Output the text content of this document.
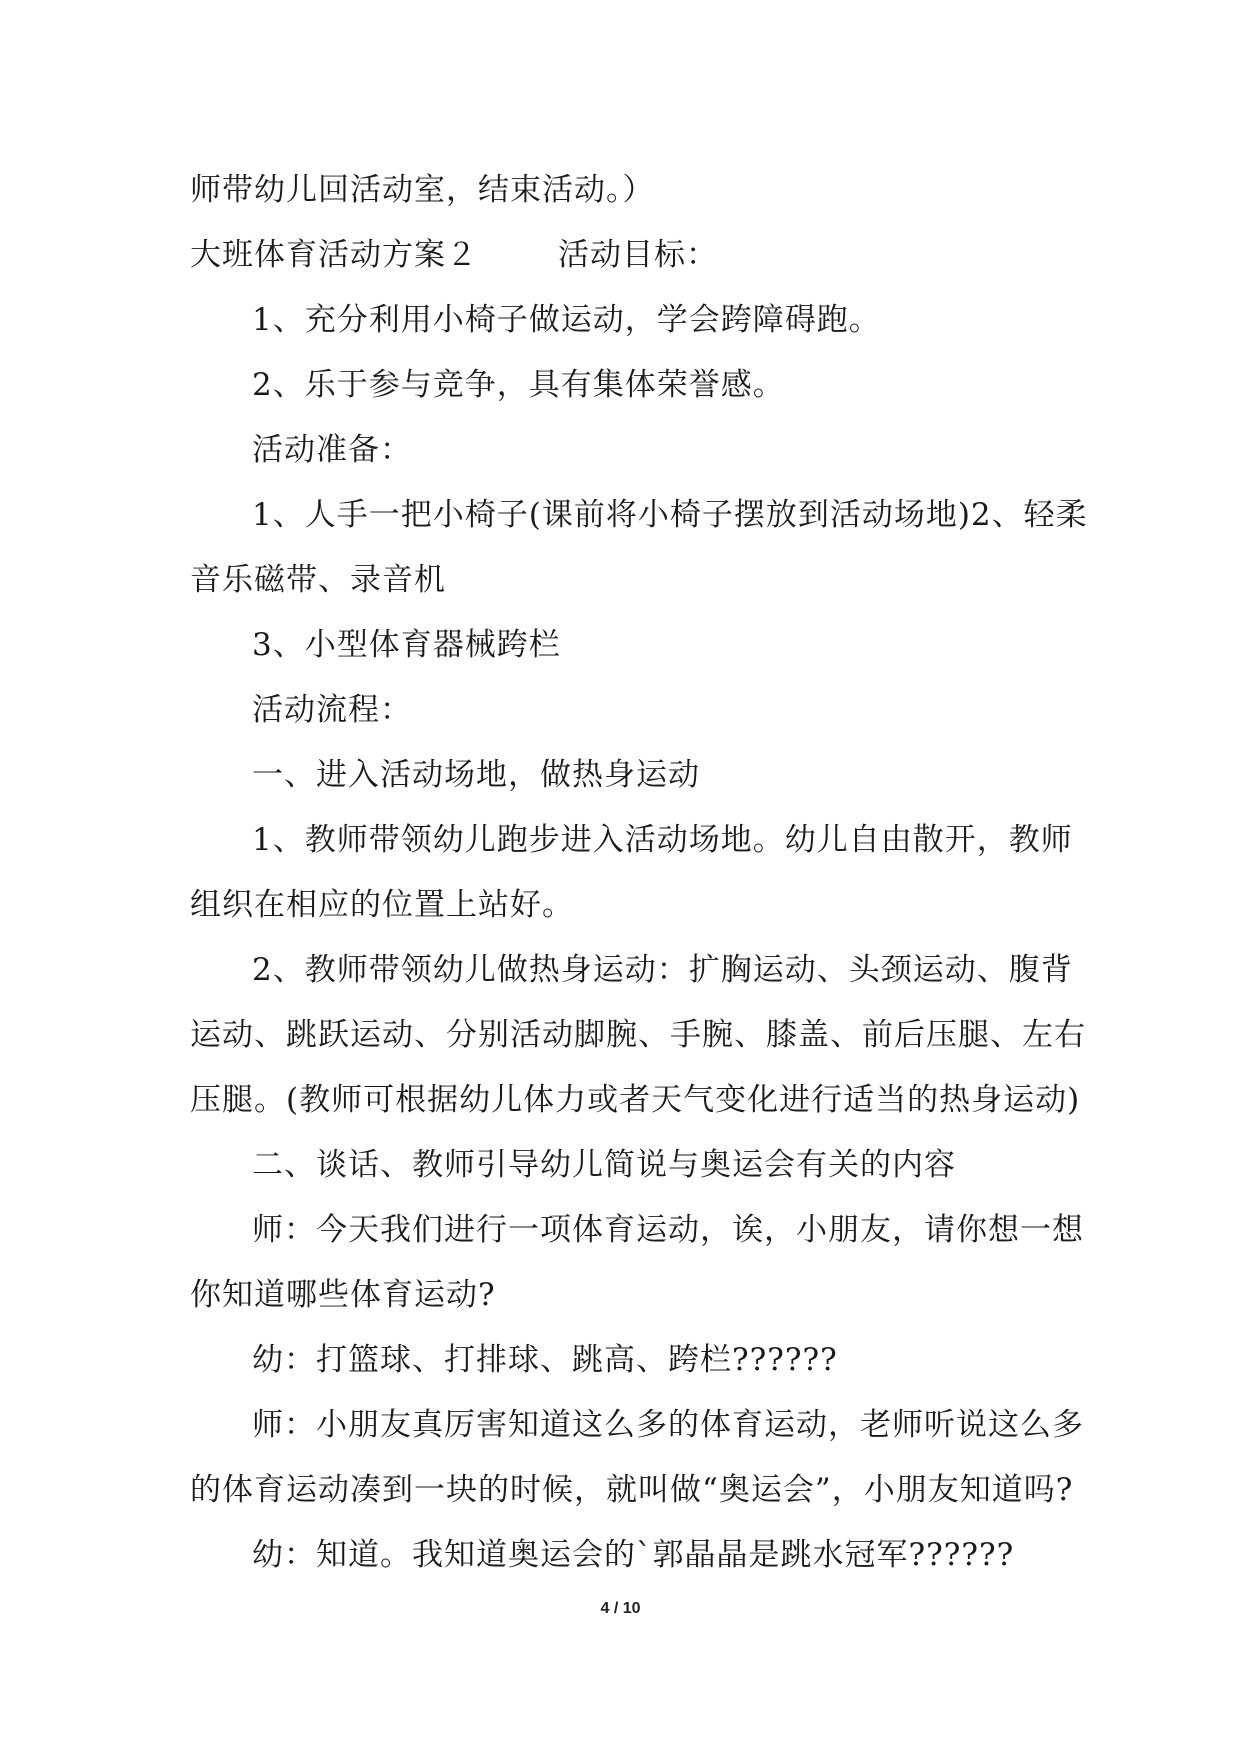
师带幼儿回活动室，结束活动。）
大班体育活动方案２	活动目标：
1、充分利用小椅子做运动，学会跨障碍跑。
2、乐于参与竞争，具有集体荣誉感。
活动准备：
1、人手一把小椅子(课前将小椅子摆放到活动场地)2、轻柔
音乐磁带、录音机
3、小型体育器械跨栏
活动流程：
一、进入活动场地，做热身运动
1、教师带领幼儿跑步进入活动场地。幼儿自由散开，教师
组织在相应的位置上站好。
2、教师带领幼儿做热身运动：扩胸运动、头颈运动、腹背
运动、跳跃运动、分别活动脚腕、手腕、膝盖、前后压腿、左右
压腿。(教师可根据幼儿体力或者天气变化进行适当的热身运动)
二、谈话、教师引导幼儿简说与奥运会有关的内容
师：今天我们进行一项体育运动，诶，小朋友，请你想一想
你知道哪些体育运动?
幼：打篮球、打排球、跳高、跨栏??????
师：小朋友真厉害知道这么多的体育运动，老师听说这么多
的体育运动凑到一块的时候，就叫做“奥运会”，小朋友知道吗?
幼：知道。我知道奥运会的`郭晶晶是跳水冠军??????
4 / 10
